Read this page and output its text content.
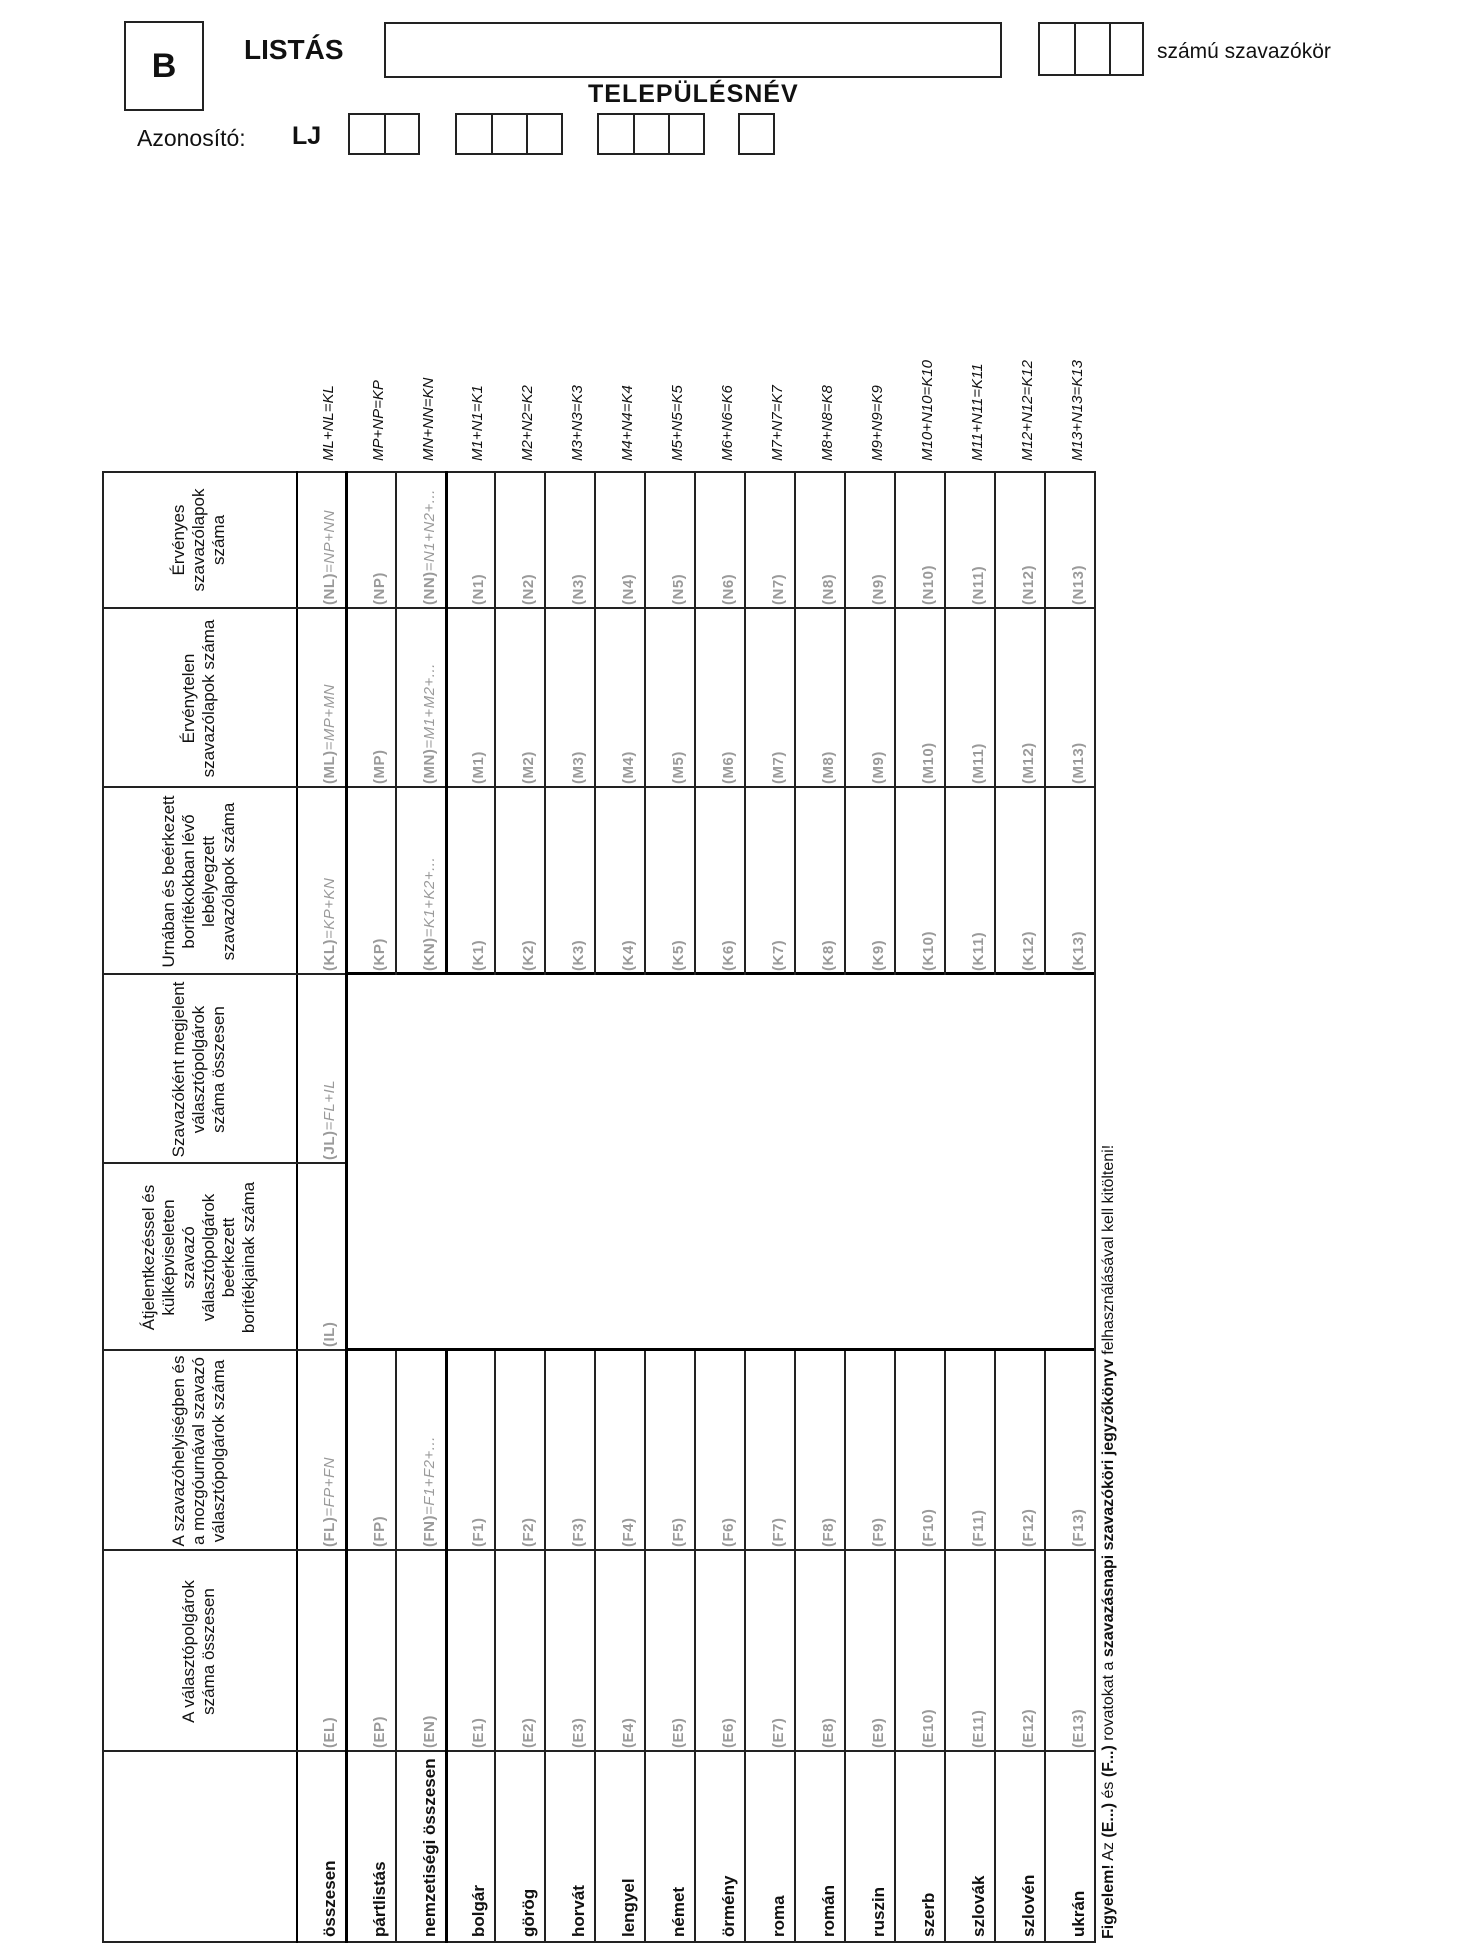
B LISTÁS
TELEPÜLÉSNÉV
számú szavazókör
Azonosító: LJ
A választópolgárok száma összesen
A szavazóhelyiségben és a mozgóurnával szavazó választópolgárok száma
Átjelentkezéssel és külképviseleten szavazó választópolgárok beérkezett borítékjainak száma
Szavazóként megjelent választópolgárok száma összesen
Urnában és beérkezett borítékokban lévő lebélyegzett szavazólapok száma
Érvénytelen szavazólapok száma
Érvényes szavazólapok száma
összesen
(EL)
(FL)
=FP+FN
(IL)
(JL)
=FL+IL
(KL)
=KP+KN
(ML)
=MP+MN
(NL)
=NP+NN
ML+NL=KL
pártlistás
(EP)
(FP)
(KP)
(MP)
(NP)
MP+NP=KP
nemzetiségi összesen
(EN)
(FN)
=F1+F2+...
(KN)
=K1+K2+...
(MN)
=M1+M2+...
(NN)
=N1+N2+...
MN+NN=KN
bolgár
(E1)
(F1)
(K1)
(M1)
(N1)
M1+N1=K1
görög
(E2)
(F2)
(K2)
(M2)
(N2)
M2+N2=K2
horvát
(E3)
(F3)
(K3)
(M3)
(N3)
M3+N3=K3
lengyel
(E4)
(F4)
(K4)
(M4)
(N4)
M4+N4=K4
német
(E5)
(F5)
(K5)
(M5)
(N5)
M5+N5=K5
örmény
(E6)
(F6)
(K6)
(M6)
(N6)
M6+N6=K6
roma
(E7)
(F7)
(K7)
(M7)
(N7)
M7+N7=K7
román
(E8)
(F8)
(K8)
(M8)
(N8)
M8+N8=K8
ruszin
(E9)
(F9)
(K9)
(M9)
(N9)
M9+N9=K9
szerb
(E10)
(F10)
(K10)
(M10)
(N10)
M10+N10=K10
szlovák
(E11)
(F11)
(K11)
(M11)
(N11)
M11+N11=K11
szlovén
(E12)
(F12)
(K12)
(M12)
(N12)
M12+N12=K12
ukrán
(E13)
(F13)
(K13)
(M13)
(N13)
M13+N13=K13
Figyelem! Az (E...) és (F...) rovatokat a szavazásnapi szavazóköri jegyzőkönyv felhasználásával kell kitölteni!
